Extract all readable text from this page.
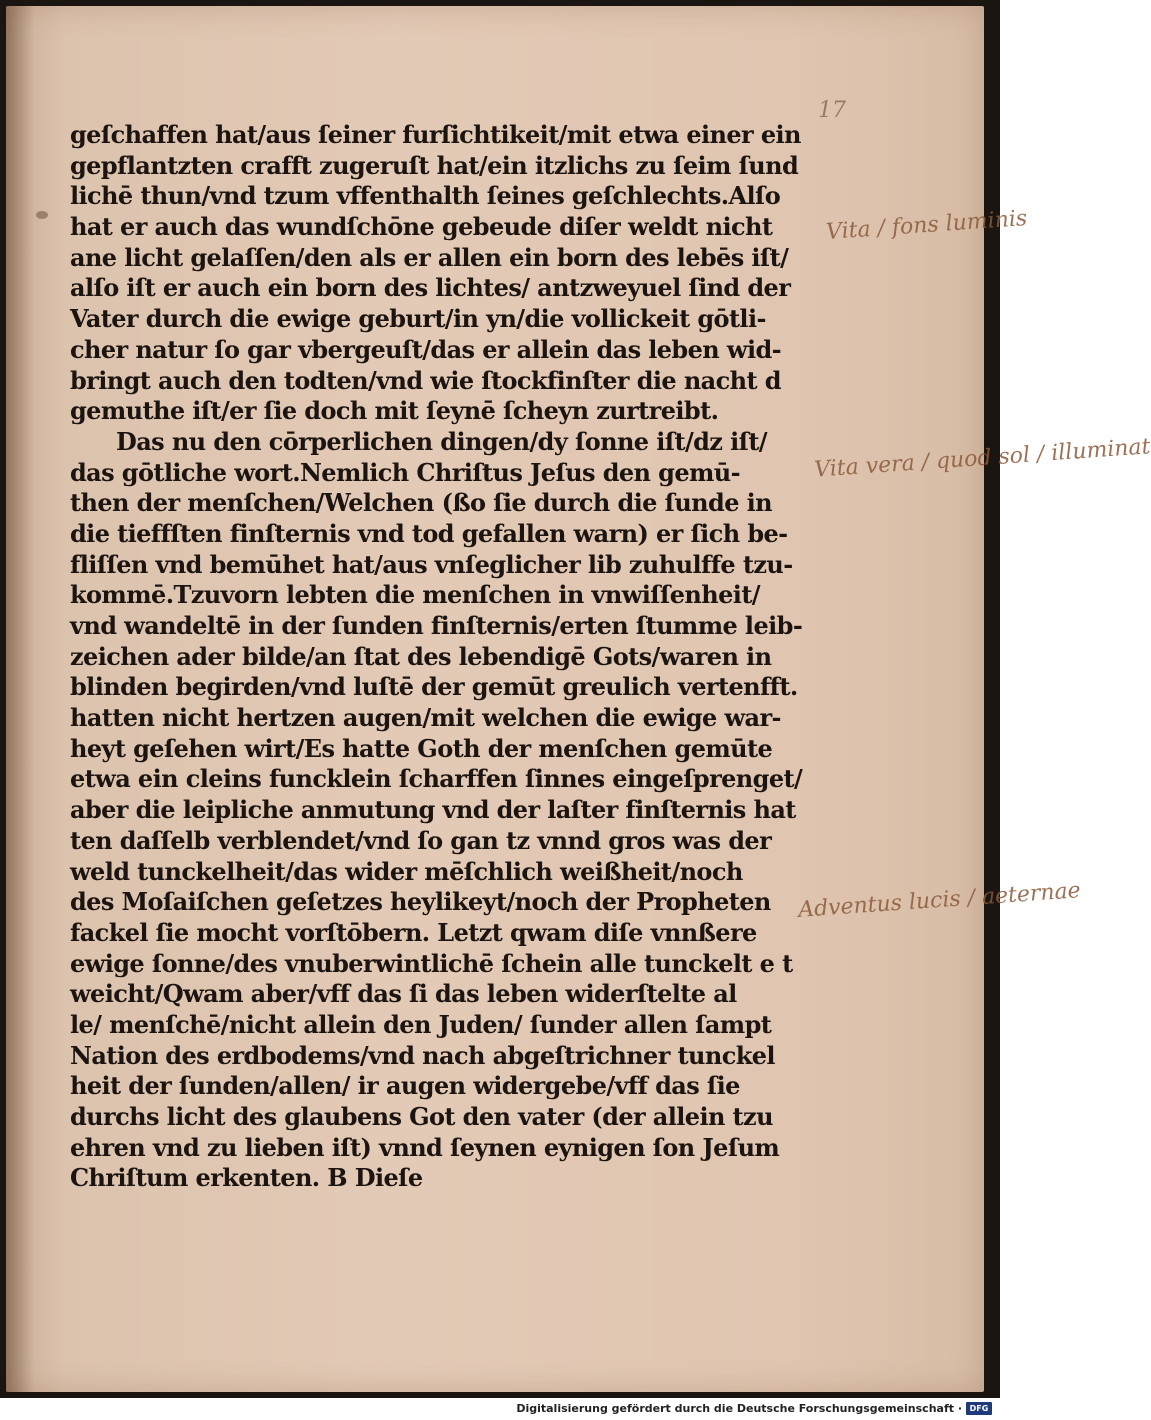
17
geſchaffen hat/aus ſeiner furſichtikeit/mit etwa einer ein
gepflantzten crafft zugeruſt hat/ein itzlichs zu ſeim ſund
lichē thun/vnd tzum vffenthalth ſeines geſchlechts.Alſo
hat er auch das wundſchōne gebeude diſer weldt nicht
ane licht gelaſſen/den als er allen ein born des lebēs iſt/
alſo iſt er auch ein born des lichtes/ antzweyuel ſind der
Vater durch die ewige geburt/in yn/die vollickeit gōtli-
cher natur ſo gar vbergeuſt/das er allein das leben wid-
bringt auch den todten/vnd wie ſtockfinſter die nacht d
gemuthe iſt/er ſie doch mit ſeynē ſcheyn zurtreibt.
Das nu den cōrperlichen dingen/dy ſonne iſt/dz iſt/
das gōtliche wort.Nemlich Chriſtus Jeſus den gemū-
then der menſchen/Welchen (ßo ſie durch die ſunde in
die tieffſten finſternis vnd tod gefallen warn) er ſich be-
fliſſen vnd bemūhet hat/aus vnſeglicher lib zuhulffe tzu-
kommē.Tzuvorn lebten die menſchen in vnwiſſenheit/
vnd wandeltē in der ſunden finſternis/erten ſtumme leib-
zeichen ader bilde/an ſtat des lebendigē Gots/waren in
blinden begirden/vnd luſtē der gemūt greulich vertenfft.
hatten nicht hertzen augen/mit welchen die ewige war-
heyt geſehen wirt/Es hatte Goth der menſchen gemūte
etwa ein cleins funcklein ſcharffen ſinnes eingeſprenget/
aber die leipliche anmutung vnd der laſter finſternis hat
ten daſſelb verblendet/vnd ſo gan tz vnnd gros was der
weld tunckelheit/das wider mēſchlich weißheit/noch
des Moſaiſchen geſetzes heylikeyt/noch der Propheten
fackel ſie mocht vorſtōbern. Letzt qwam diſe vnnßere
ewige ſonne/des vnuberwintlichē ſchein alle tunckelt e t
weicht/Qwam aber/vff das ſi das leben widerſtelte al
le/ menſchē/nicht allein den Juden/ ſunder allen ſampt
Nation des erdbodems/vnd nach abgeſtrichner tunckel
heit der ſunden/allen/ ir augen widergebe/vff das ſie
durchs licht des glaubens Got den vater (der allein tzu
ehren vnd zu lieben iſt) vnnd ſeynen eynigen ſon Jeſum
Chriſtum erkenten. B Dieſe
Vita / fons luminis
Vita vera / quod sol / illuminat
Adventus lucis / aeternae
Digitalisierung gefördert durch die Deutsche Forschungsgemeinschaft · DFG
